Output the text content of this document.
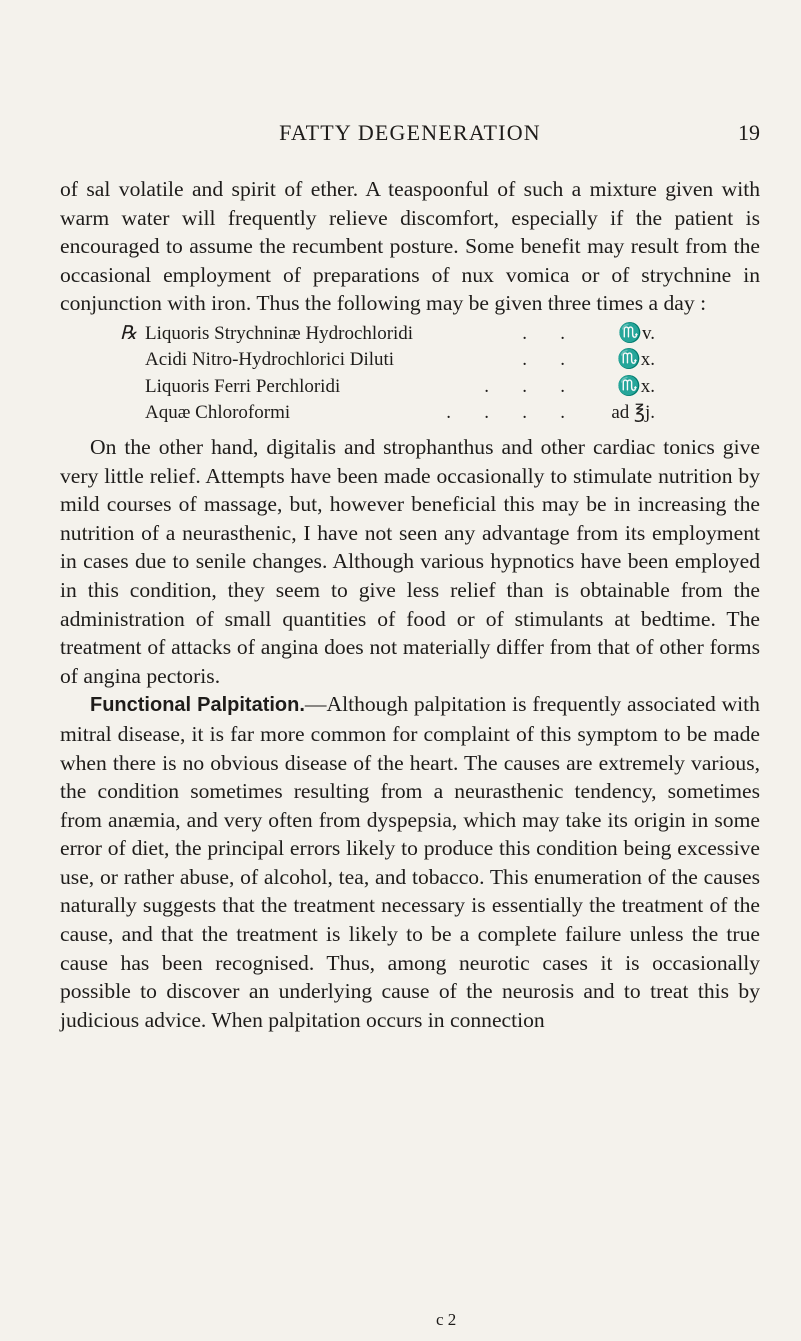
FATTY DEGENERATION	19

of sal volatile and spirit of ether. A teaspoonful of such a mixture given with warm water will frequently relieve discomfort, especially if the patient is encouraged to assume the recumbent posture. Some benefit may result from the occasional employment of preparations of nux vomica or of strychnine in conjunction with iron. Thus the following may be given three times a day :

℞ Liquoris Strychninæ Hydrochloridi	.       .	♏v.
Acidi Nitro-Hydrochlorici Diluti	.       .	♏x.
Liquoris Ferri Perchloridi	.       .       .	♏x.
Aquæ Chloroformi	.       .       .       .	ad ℥j.

On the other hand, digitalis and strophanthus and other cardiac tonics give very little relief. Attempts have been made occasionally to stimulate nutrition by mild courses of massage, but, however beneficial this may be in increasing the nutrition of a neurasthenic, I have not seen any advantage from its employment in cases due to senile changes. Although various hypnotics have been employed in this condition, they seem to give less relief than is obtainable from the administration of small quantities of food or of stimulants at bedtime. The treatment of attacks of angina does not materially differ from that of other forms of angina pectoris.

Functional Palpitation.—Although palpitation is frequently associated with mitral disease, it is far more common for complaint of this symptom to be made when there is no obvious disease of the heart. The causes are extremely various, the condition sometimes resulting from a neurasthenic tendency, sometimes from anæmia, and very often from dyspepsia, which may take its origin in some error of diet, the principal errors likely to produce this condition being excessive use, or rather abuse, of alcohol, tea, and tobacco. This enumeration of the causes naturally suggests that the treatment necessary is essentially the treatment of the cause, and that the treatment is likely to be a complete failure unless the true cause has been recognised. Thus, among neurotic cases it is occasionally possible to discover an underlying cause of the neurosis and to treat this by judicious advice. When palpitation occurs in connection

c 2
